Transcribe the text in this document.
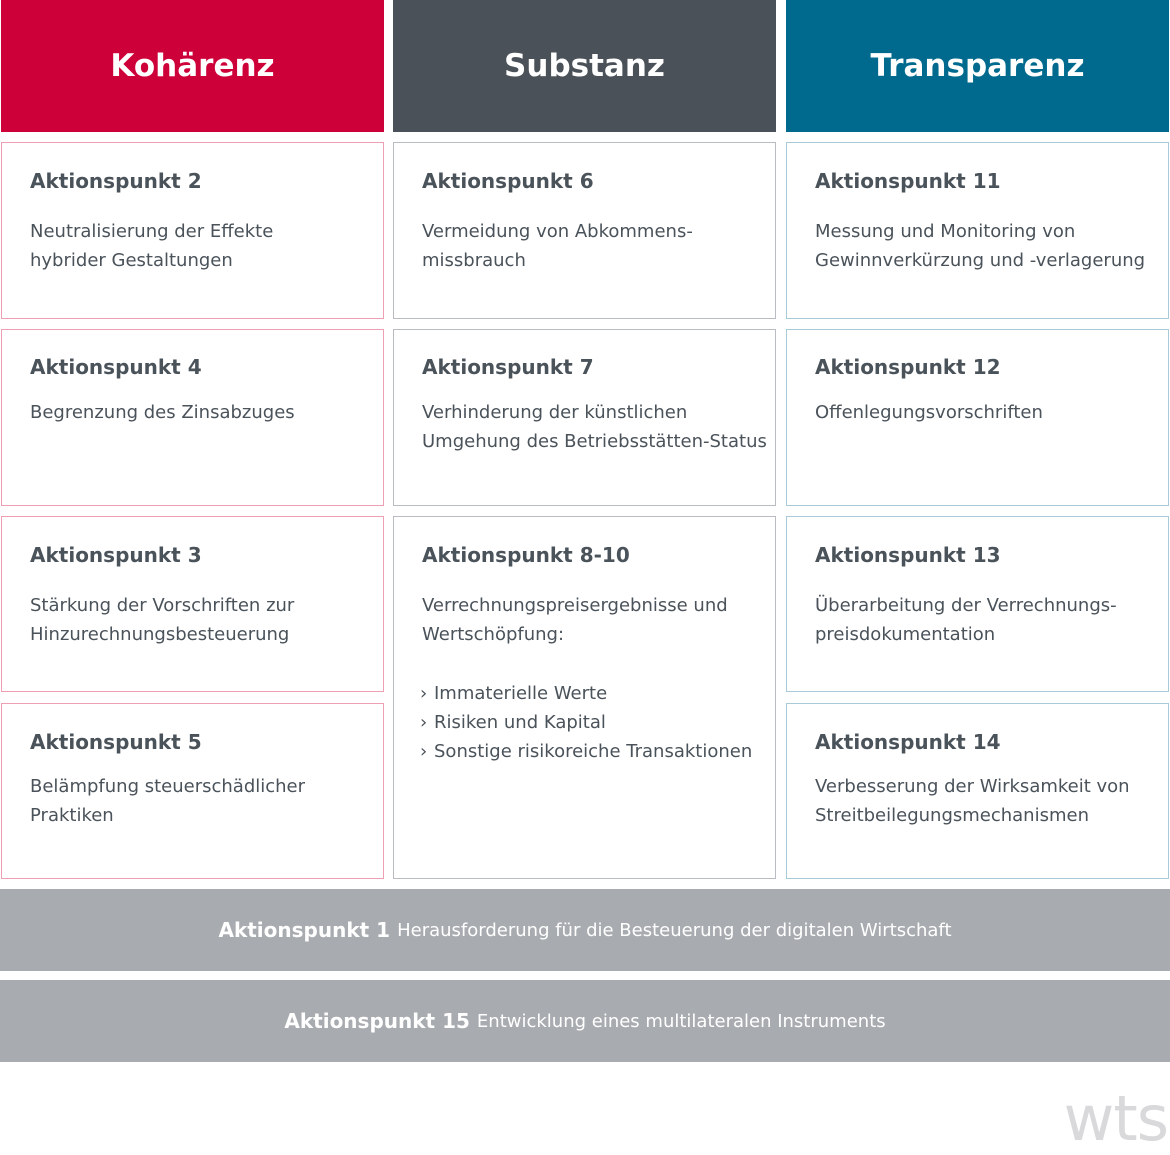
Kohärenz	Substanz	Transparenz
Aktionspunkt 2
Neutralisierung der Effekte
hybrider Gestaltungen
Aktionspunkt 4
Begrenzung des Zinsabzuges
Aktionspunkt 3
Stärkung der Vorschriften zur
Hinzurechnungsbesteuerung
Aktionspunkt 5
Belämpfung steuerschädlicher
Praktiken
Aktionspunkt 6
Vermeidung von Abkommens-
missbrauch
Aktionspunkt 7
Verhinderung der künstlichen
Umgehung des Betriebsstätten-Status
Aktionspunkt 8-10
Verrechnungspreisergebnisse und
Wertschöpfung:
› Immaterielle Werte
› Risiken und Kapital
› Sonstige risikoreiche Transaktionen
Aktionspunkt 11
Messung und Monitoring von
Gewinnverkürzung und -verlagerung
Aktionspunkt 12
Offenlegungsvorschriften
Aktionspunkt 13
Überarbeitung der Verrechnungs-
preisdokumentation
Aktionspunkt 14
Verbesserung der Wirksamkeit von
Streitbeilegungsmechanismen
Aktionspunkt 1 Herausforderung für die Besteuerung der digitalen Wirtschaft
Aktionspunkt 15 Entwicklung eines multilateralen Instruments
wts
